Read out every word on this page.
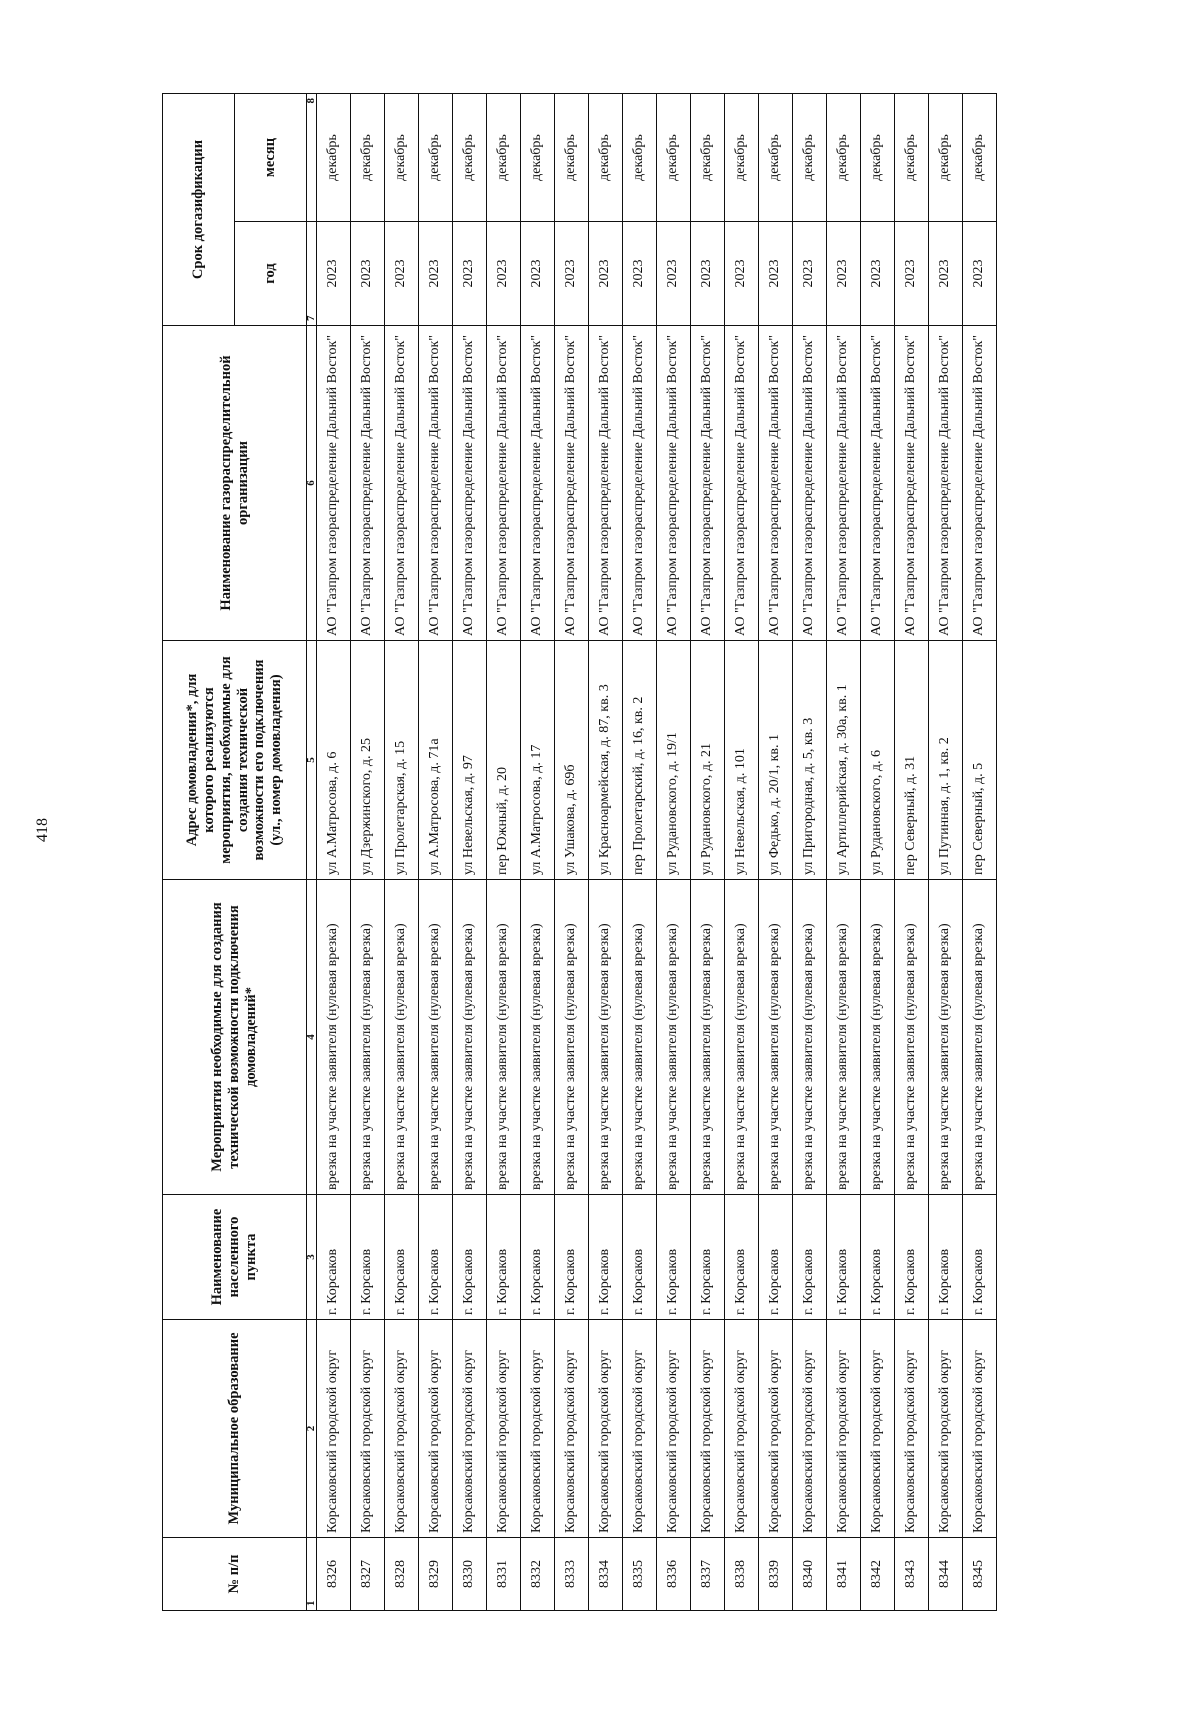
418
№ п/п	Муниципальное образование	Наименование населенного пункта	Мероприятия необходимые для создания технической возможности подключения домовладений*	Адрес домовладения*, для которого реализуются мероприятия, необходимые для создания технической возможности его подключения (ул., номер домовладения)	Наименование газораспределительной организации	Срок догазификации	
						год	месяц
1	2	3	4	5	6	7	8
8326	Корсаковский городской округ	г. Корсаков	врезка на участке заявителя (нулевая врезка)	ул А.Матросова, д. 6	АО "Газпром газораспределение Дальний Восток"	2023	декабрь
8327	Корсаковский городской округ	г. Корсаков	врезка на участке заявителя (нулевая врезка)	ул Дзержинского, д. 25	АО "Газпром газораспределение Дальний Восток"	2023	декабрь
8328	Корсаковский городской округ	г. Корсаков	врезка на участке заявителя (нулевая врезка)	ул Пролетарская, д. 15	АО "Газпром газораспределение Дальний Восток"	2023	декабрь
8329	Корсаковский городской округ	г. Корсаков	врезка на участке заявителя (нулевая врезка)	ул А.Матросова, д. 71а	АО "Газпром газораспределение Дальний Восток"	2023	декабрь
8330	Корсаковский городской округ	г. Корсаков	врезка на участке заявителя (нулевая врезка)	ул Невельская, д. 97	АО "Газпром газораспределение Дальний Восток"	2023	декабрь
8331	Корсаковский городской округ	г. Корсаков	врезка на участке заявителя (нулевая врезка)	пер Южный, д. 20	АО "Газпром газораспределение Дальний Восток"	2023	декабрь
8332	Корсаковский городской округ	г. Корсаков	врезка на участке заявителя (нулевая врезка)	ул А.Матросова, д. 17	АО "Газпром газораспределение Дальний Восток"	2023	декабрь
8333	Корсаковский городской округ	г. Корсаков	врезка на участке заявителя (нулевая врезка)	ул Ушакова, д. 69б	АО "Газпром газораспределение Дальний Восток"	2023	декабрь
8334	Корсаковский городской округ	г. Корсаков	врезка на участке заявителя (нулевая врезка)	ул Красноармейская, д. 87, кв. 3	АО "Газпром газораспределение Дальний Восток"	2023	декабрь
8335	Корсаковский городской округ	г. Корсаков	врезка на участке заявителя (нулевая врезка)	пер Пролетарский, д. 16, кв. 2	АО "Газпром газораспределение Дальний Восток"	2023	декабрь
8336	Корсаковский городской округ	г. Корсаков	врезка на участке заявителя (нулевая врезка)	ул Рудановского, д. 19/1	АО "Газпром газораспределение Дальний Восток"	2023	декабрь
8337	Корсаковский городской округ	г. Корсаков	врезка на участке заявителя (нулевая врезка)	ул Рудановского, д. 21	АО "Газпром газораспределение Дальний Восток"	2023	декабрь
8338	Корсаковский городской округ	г. Корсаков	врезка на участке заявителя (нулевая врезка)	ул Невельская, д. 101	АО "Газпром газораспределение Дальний Восток"	2023	декабрь
8339	Корсаковский городской округ	г. Корсаков	врезка на участке заявителя (нулевая врезка)	ул Федько, д. 20/1, кв. 1	АО "Газпром газораспределение Дальний Восток"	2023	декабрь
8340	Корсаковский городской округ	г. Корсаков	врезка на участке заявителя (нулевая врезка)	ул Пригородная, д. 5, кв. 3	АО "Газпром газораспределение Дальний Восток"	2023	декабрь
8341	Корсаковский городской округ	г. Корсаков	врезка на участке заявителя (нулевая врезка)	ул Артиллерийская, д. 30а, кв. 1	АО "Газпром газораспределение Дальний Восток"	2023	декабрь
8342	Корсаковский городской округ	г. Корсаков	врезка на участке заявителя (нулевая врезка)	ул Рудановского, д. 6	АО "Газпром газораспределение Дальний Восток"	2023	декабрь
8343	Корсаковский городской округ	г. Корсаков	врезка на участке заявителя (нулевая врезка)	пер Северный, д. 31	АО "Газпром газораспределение Дальний Восток"	2023	декабрь
8344	Корсаковский городской округ	г. Корсаков	врезка на участке заявителя (нулевая врезка)	ул Путинная, д. 1, кв. 2	АО "Газпром газораспределение Дальний Восток"	2023	декабрь
8345	Корсаковский городской округ	г. Корсаков	врезка на участке заявителя (нулевая врезка)	пер Северный, д. 5	АО "Газпром газораспределение Дальний Восток"	2023	декабрь
